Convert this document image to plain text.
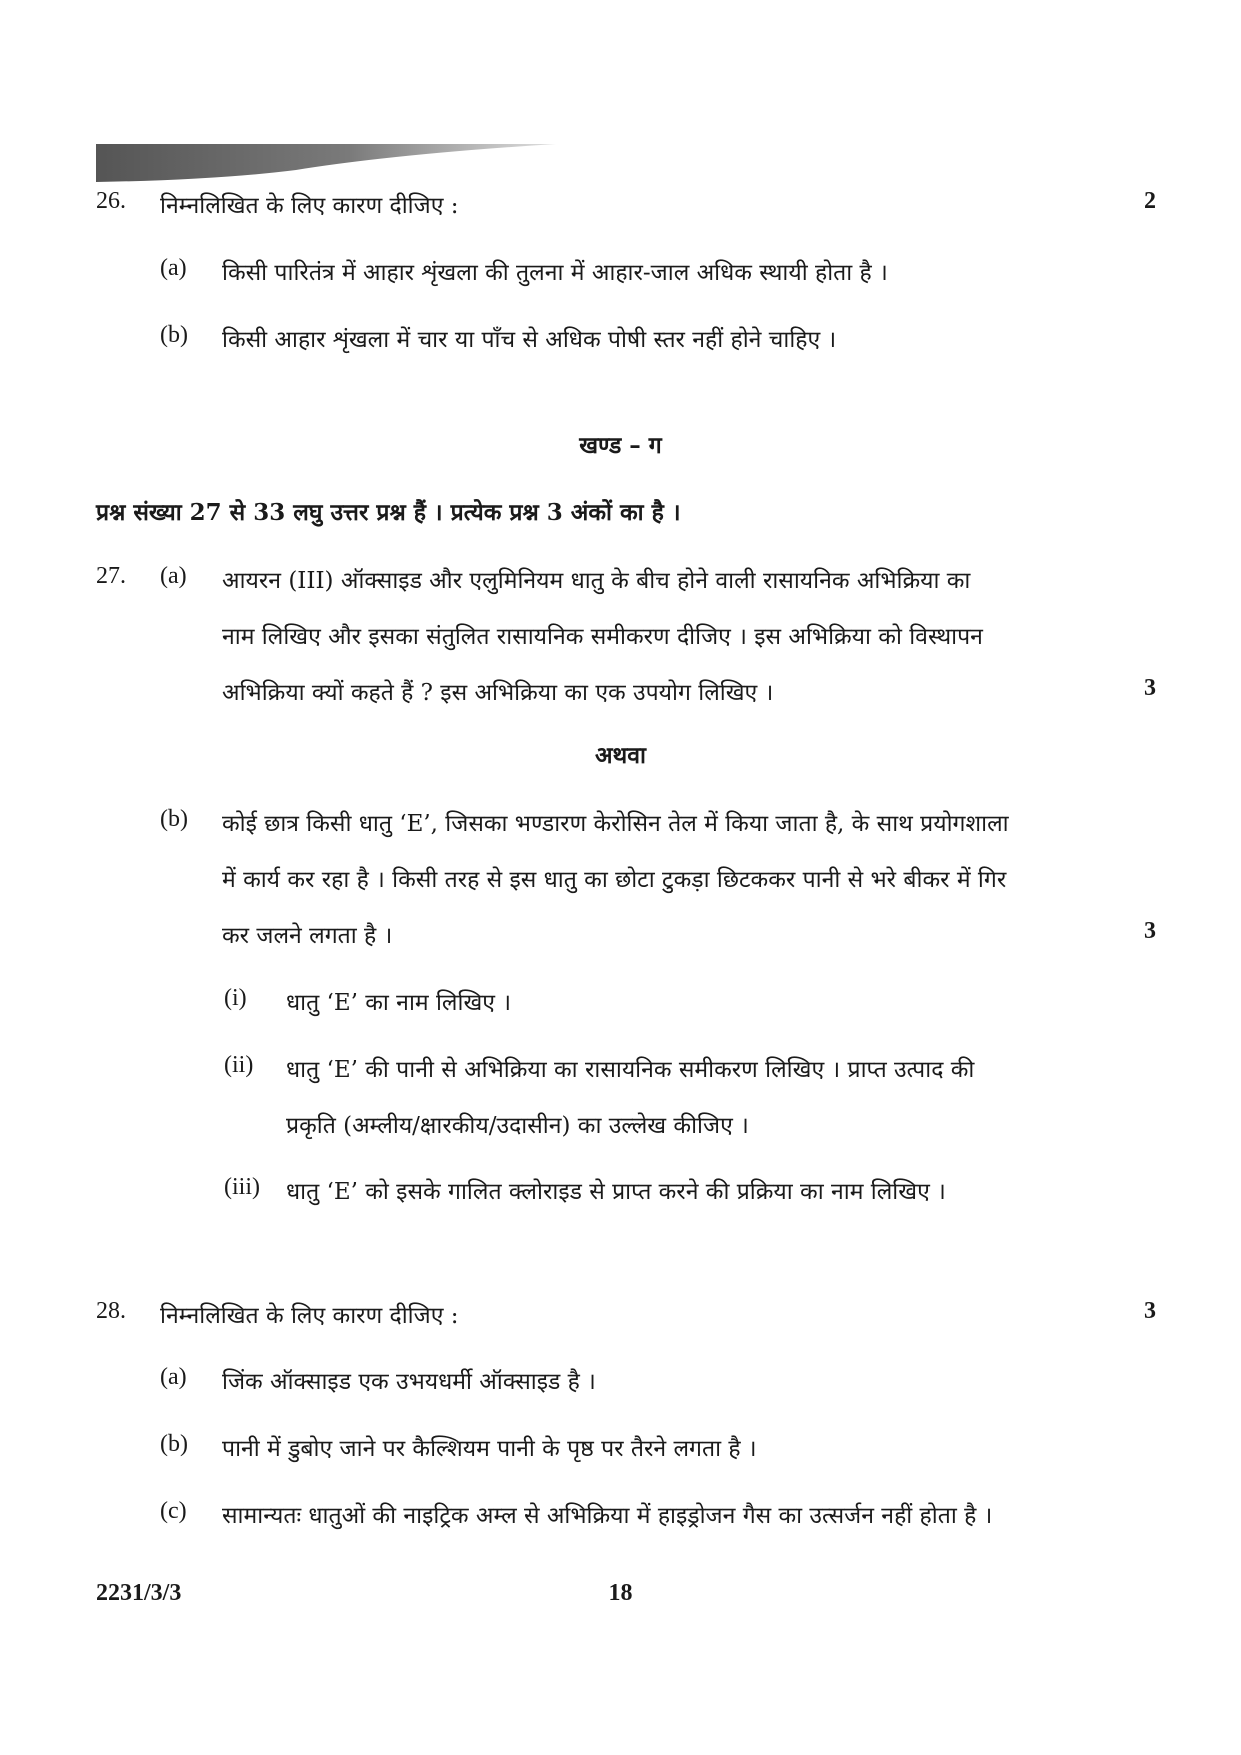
26. निम्नलिखित के लिए कारण दीजिए :	2
(a) किसी पारितंत्र में आहार शृंखला की तुलना में आहार-जाल अधिक स्थायी होता है ।
(b) किसी आहार शृंखला में चार या पाँच से अधिक पोषी स्तर नहीं होने चाहिए ।
खण्ड – ग
प्रश्न संख्या 27 से 33 लघु उत्तर प्रश्न हैं । प्रत्येक प्रश्न 3 अंकों का है ।
27. (a) आयरन (III) ऑक्साइड और एलुमिनियम धातु के बीच होने वाली रासायनिक अभिक्रिया का
नाम लिखिए और इसका संतुलित रासायनिक समीकरण दीजिए । इस अभिक्रिया को विस्थापन
अभिक्रिया क्यों कहते हैं ? इस अभिक्रिया का एक उपयोग लिखिए ।	3
अथवा
(b) कोई छात्र किसी धातु ‘E’, जिसका भण्डारण केरोसिन तेल में किया जाता है, के साथ प्रयोगशाला
में कार्य कर रहा है । किसी तरह से इस धातु का छोटा टुकड़ा छिटककर पानी से भरे बीकर में गिर
कर जलने लगता है ।	3
(i) धातु ‘E’ का नाम लिखिए ।
(ii) धातु ‘E’ की पानी से अभिक्रिया का रासायनिक समीकरण लिखिए । प्राप्त उत्पाद की
प्रकृति (अम्लीय/क्षारकीय/उदासीन) का उल्लेख कीजिए ।
(iii) धातु ‘E’ को इसके गालित क्लोराइड से प्राप्त करने की प्रक्रिया का नाम लिखिए ।
28. निम्नलिखित के लिए कारण दीजिए :	3
(a) जिंक ऑक्साइड एक उभयधर्मी ऑक्साइड है ।
(b) पानी में डुबोए जाने पर कैल्शियम पानी के पृष्ठ पर तैरने लगता है ।
(c) सामान्यतः धातुओं की नाइट्रिक अम्ल से अभिक्रिया में हाइड्रोजन गैस का उत्सर्जन नहीं होता है ।
2231/3/3	18
